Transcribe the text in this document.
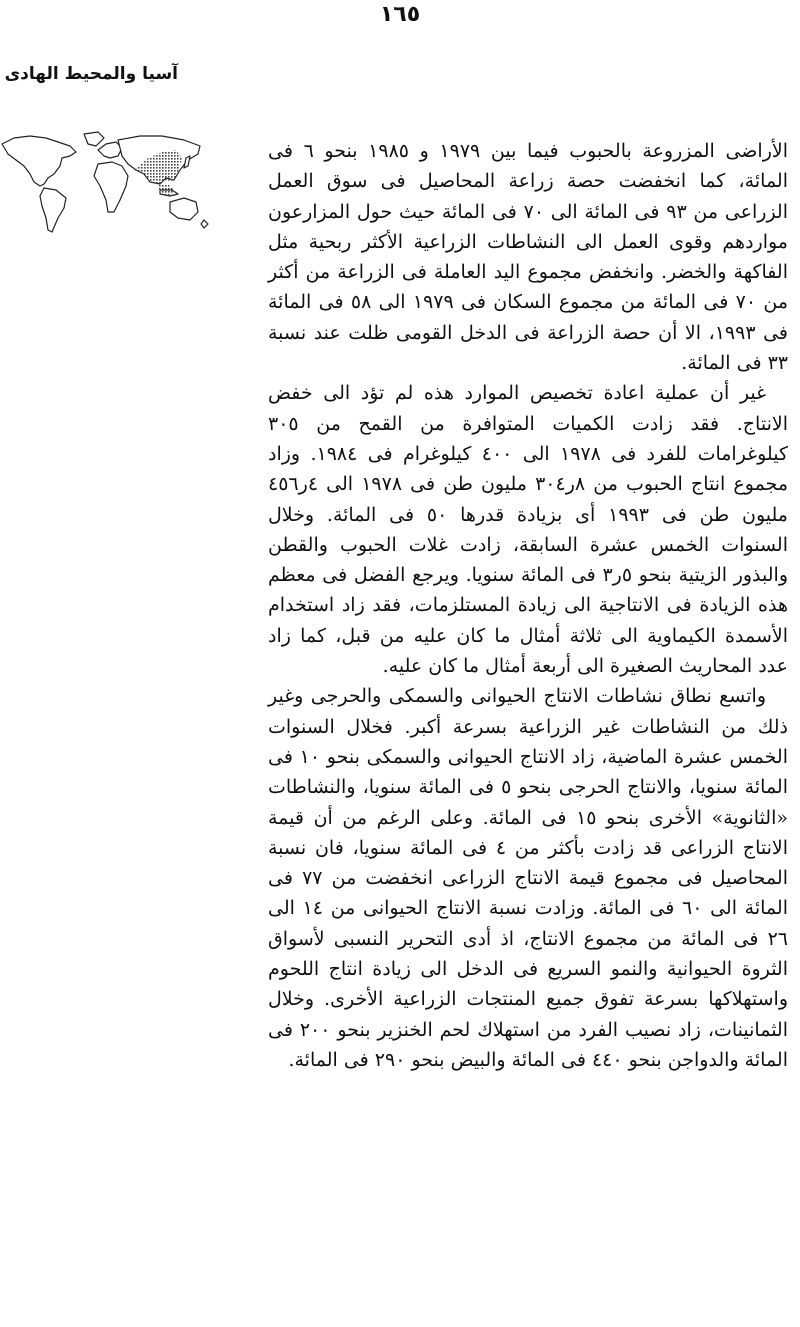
١٦٥
آسيا والمحيط الهادى

الأراضى المزروعة بالحبوب فيما بين ١٩٧٩ و ١٩٨٥ بنحو ٦ فى المائة، كما انخفضت حصة زراعة المحاصيل فى سوق العمل الزراعى من ٩٣ فى المائة الى ٧٠ فى المائة حيث حول المزارعون مواردهم وقوى العمل الى النشاطات الزراعية الأكثر ربحية مثل الفاكهة والخضر. وانخفض مجموع اليد العاملة فى الزراعة من أكثر من ٧٠ فى المائة من مجموع السكان فى ١٩٧٩ الى ٥٨ فى المائة فى ١٩٩٣، الا أن حصة الزراعة فى الدخل القومى ظلت عند نسبة ٣٣ فى المائة.

غير أن عملية اعادة تخصيص الموارد هذه لم تؤد الى خفض الانتاج. فقد زادت الكميات المتوافرة من القمح من ٣٠٥ كيلوغرامات للفرد فى ١٩٧٨ الى ٤٠٠ كيلوغرام فى ١٩٨٤. وزاد مجموع انتاج الحبوب من ٨ر٣٠٤ مليون طن فى ١٩٧٨ الى ٤ر٤٥٦ مليون طن فى ١٩٩٣ أى بزيادة قدرها ٥٠ فى المائة. وخلال السنوات الخمس عشرة السابقة، زادت غلات الحبوب والقطن والبذور الزيتية بنحو ٥ر٣ فى المائة سنويا. ويرجع الفضل فى معظم هذه الزيادة فى الانتاجية الى زيادة المستلزمات، فقد زاد استخدام الأسمدة الكيماوية الى ثلاثة أمثال ما كان عليه من قبل، كما زاد عدد المحاريث الصغيرة الى أربعة أمثال ما كان عليه.

واتسع نطاق نشاطات الانتاج الحيوانى والسمكى والحرجى وغير ذلك من النشاطات غير الزراعية بسرعة أكبر. فخلال السنوات الخمس عشرة الماضية، زاد الانتاج الحيوانى والسمكى بنحو ١٠ فى المائة سنويا، والانتاج الحرجى بنحو ٥ فى المائة سنويا، والنشاطات «الثانوية» الأخرى بنحو ١٥ فى المائة. وعلى الرغم من أن قيمة الانتاج الزراعى قد زادت بأكثر من ٤ فى المائة سنويا، فان نسبة المحاصيل فى مجموع قيمة الانتاج الزراعى انخفضت من ٧٧ فى المائة الى ٦٠ فى المائة. وزادت نسبة الانتاج الحيوانى من ١٤ الى ٢٦ فى المائة من مجموع الانتاج، اذ أدى التحرير النسبى لأسواق الثروة الحيوانية والنمو السريع فى الدخل الى زيادة انتاج اللحوم واستهلاكها بسرعة تفوق جميع المنتجات الزراعية الأخرى. وخلال الثمانينات، زاد نصيب الفرد من استهلاك لحم الخنزير بنحو ٢٠٠ فى المائة والدواجن بنحو ٤٤٠ فى المائة والبيض بنحو ٢٩٠ فى المائة.
